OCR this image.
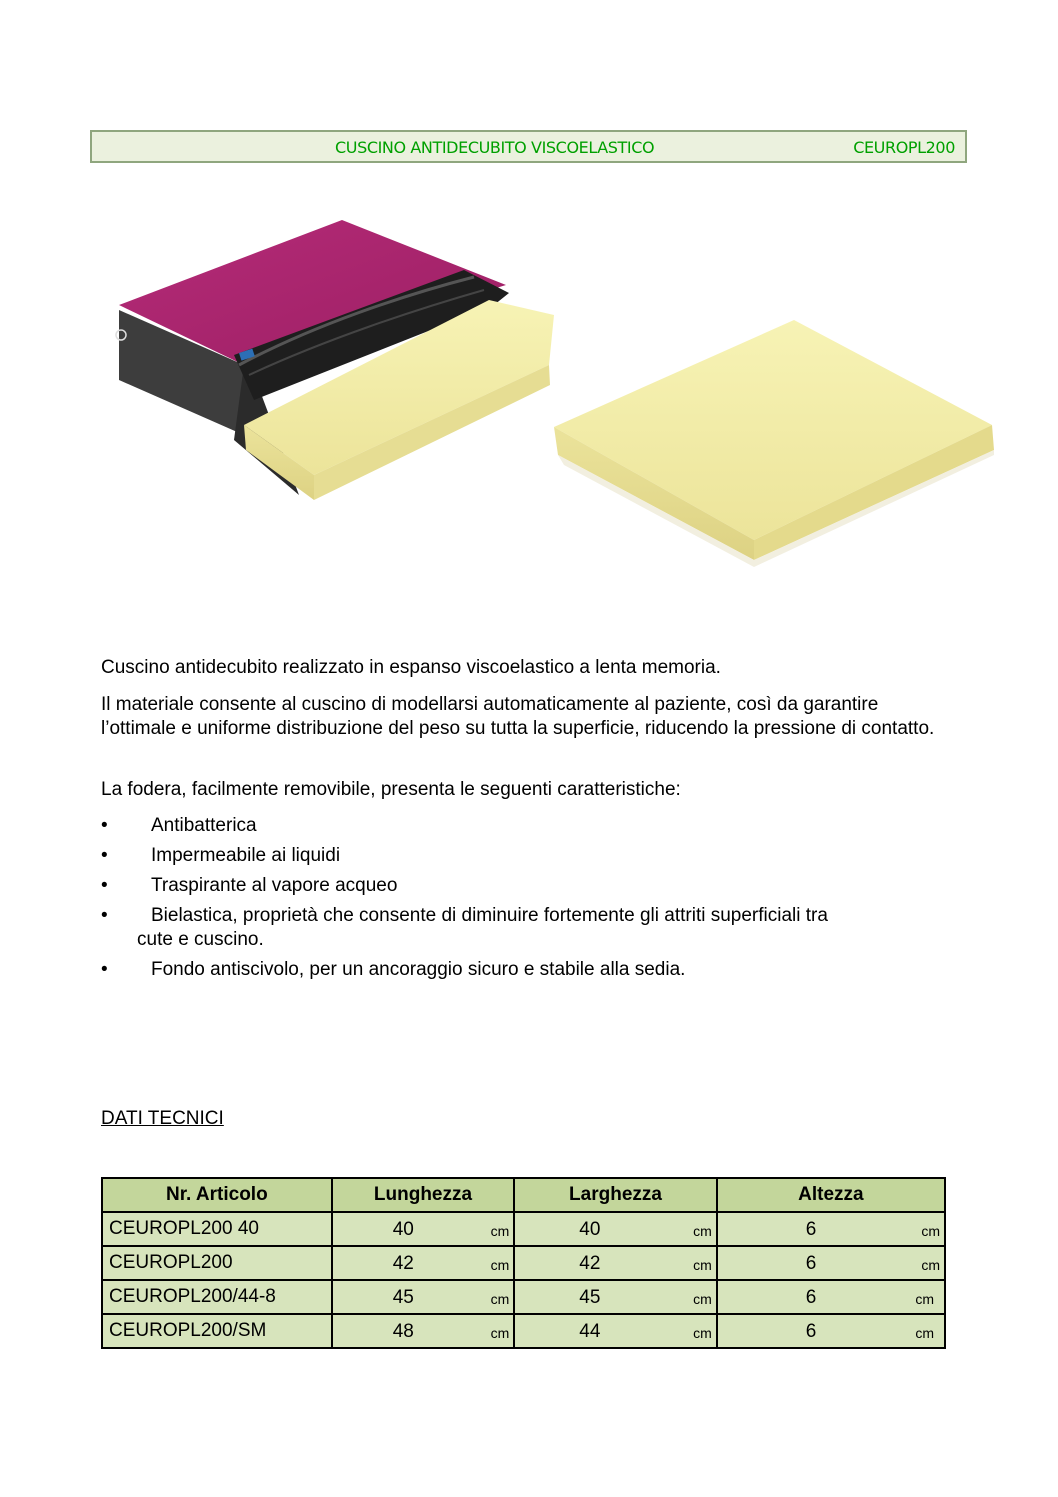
CUSCINO ANTIDECUBITO VISCOELASTICO	CEUROPL200

Cuscino antidecubito realizzato in espanso viscoelastico a lenta memoria.

Il materiale consente al cuscino di modellarsi automaticamente al paziente, così da garantire l’ottimale e uniforme distribuzione del peso su tutta la superficie, riducendo la pressione di contatto.

La fodera, facilmente removibile, presenta le seguenti caratteristiche:

• Antibatterica
• Impermeabile ai liquidi
• Traspirante al vapore acqueo
• Bielastica, proprietà che consente di diminuire fortemente gli attriti superficiali tra
cute e cuscino.
• Fondo antiscivolo, per un ancoraggio sicuro e stabile alla sedia.

DATI TECNICI

Nr. Articolo	Lunghezza	Larghezza	Altezza
CEUROPL200 40	40 cm	40 cm	6 cm

CEUROPL200	42 cm	42 cm	6 cm

CEUROPL200/44-8	45 cm	45 cm	6 cm

CEUROPL200/SM	48 cm	44 cm	6 cm
